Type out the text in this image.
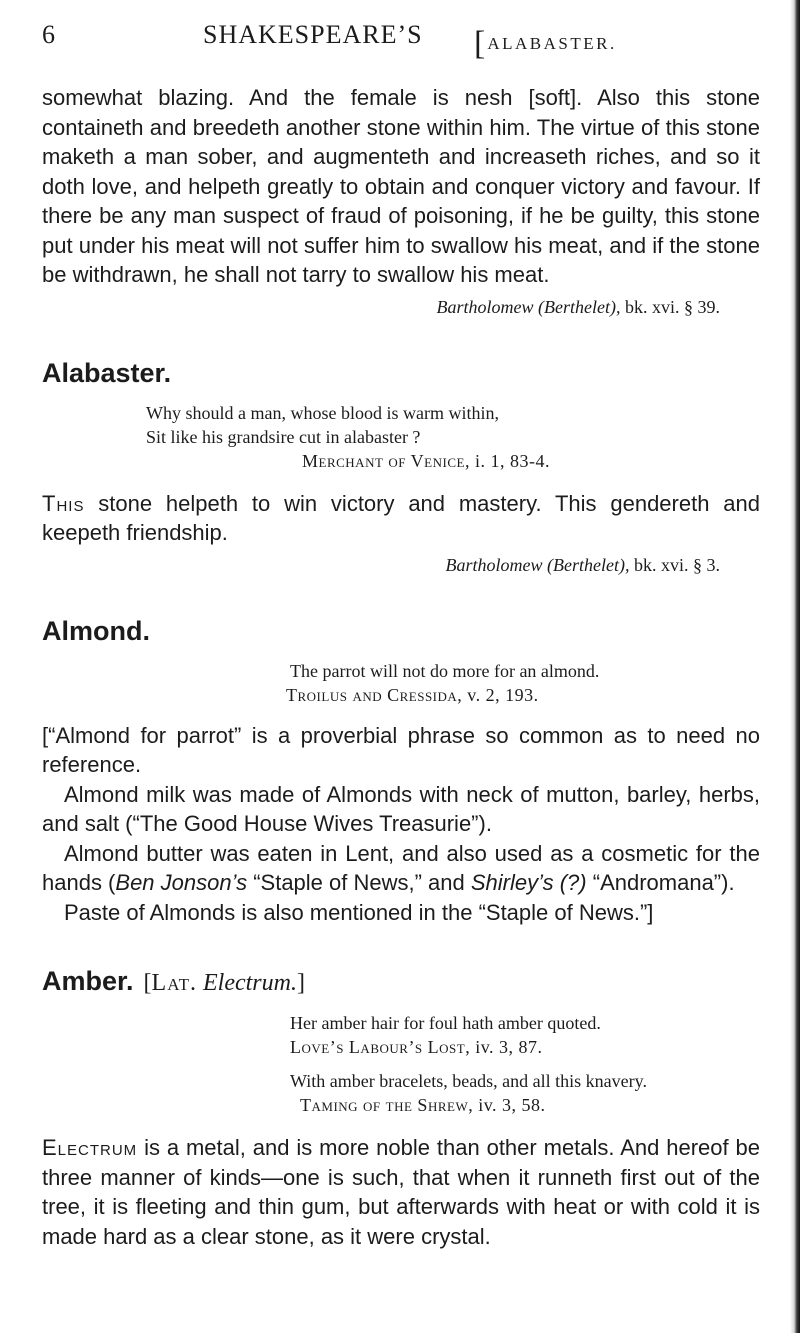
6	SHAKESPEARE’S [ ALABASTER.

somewhat blazing. And the female is nesh [soft]. Also this stone containeth and breedeth another stone within him. The virtue of this stone maketh a man sober, and augmenteth and increaseth riches, and so it doth love, and helpeth greatly to obtain and conquer victory and favour. If there be any man suspect of fraud of poisoning, if he be guilty, this stone put under his meat will not suffer him to swallow his meat, and if the stone be withdrawn, he shall not tarry to swallow his meat.

Bartholomew (Berthelet), bk. xvi. § 39.

Alabaster.

Why should a man, whose blood is warm within,

Sit like his grandsire cut in alabaster ?

Merchant of Venice, i. 1, 83-4.

This stone helpeth to win victory and mastery. This gendereth and keepeth friendship.

Bartholomew (Berthelet), bk. xvi. § 3.

Almond.

The parrot will not do more for an almond.

Troilus and Cressida, v. 2, 193.

[“Almond for parrot” is a proverbial phrase so common as to need no reference.

Almond milk was made of Almonds with neck of mutton, barley, herbs, and salt (“The Good House Wives Treasurie”).

Almond butter was eaten in Lent, and also used as a cosmetic for the hands (Ben Jonson’s “Staple of News,” and Shirley’s (?) “Andromana”).

Paste of Almonds is also mentioned in the “Staple of News.”]

Amber. [Lat. Electrum.]

Her amber hair for foul hath amber quoted.

Love’s Labour’s Lost, iv. 3, 87.

With amber bracelets, beads, and all this knavery.

Taming of the Shrew, iv. 3, 58.

Electrum is a metal, and is more noble than other metals. And hereof be three manner of kinds—one is such, that when it runneth first out of the tree, it is fleeting and thin gum, but afterwards with heat or with cold it is made hard as a clear stone, as it were crystal.
